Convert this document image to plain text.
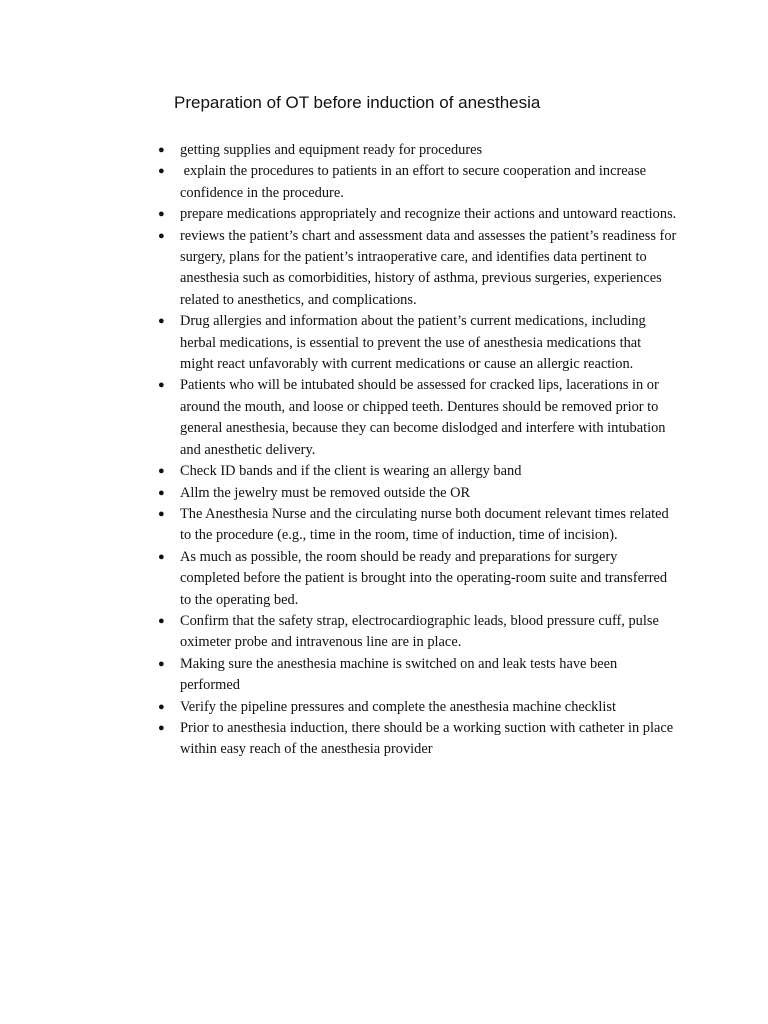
Preparation of OT before induction of anesthesia
●	getting supplies and equipment ready for procedures
●	explain the procedures to patients in an effort to secure cooperation and increase confidence in the procedure.
●	prepare medications appropriately and recognize their actions and untoward reactions.
●	reviews the patient’s chart and assessment data and assesses the patient’s readiness for surgery, plans for the patient’s intraoperative care, and identifies data pertinent to anesthesia such as comorbidities, history of asthma, previous surgeries, experiences related to anesthetics, and complications.
●	Drug allergies and information about the patient’s current medications, including herbal medications, is essential to prevent the use of anesthesia medications that might react unfavorably with current medications or cause an allergic reaction.
●	Patients who will be intubated should be assessed for cracked lips, lacerations in or around the mouth, and loose or chipped teeth. Dentures should be removed prior to general anesthesia, because they can become dislodged and interfere with intubation and anesthetic delivery.
●	Check ID bands and if the client is wearing an allergy band
●	Allm the jewelry must be removed outside the OR
●	The Anesthesia Nurse and the circulating nurse both document relevant times related to the procedure (e.g., time in the room, time of induction, time of incision).
●	As much as possible, the room should be ready and preparations for surgery completed before the patient is brought into the operating-room suite and transferred to the operating bed.
●	Confirm that the safety strap, electrocardiographic leads, blood pressure cuff, pulse oximeter probe and intravenous line are in place.
●	Making sure the anesthesia machine is switched on and leak tests have been performed
●	Verify the pipeline pressures and complete the anesthesia machine checklist
●	Prior to anesthesia induction, there should be a working suction with catheter in place within easy reach of the anesthesia provider
